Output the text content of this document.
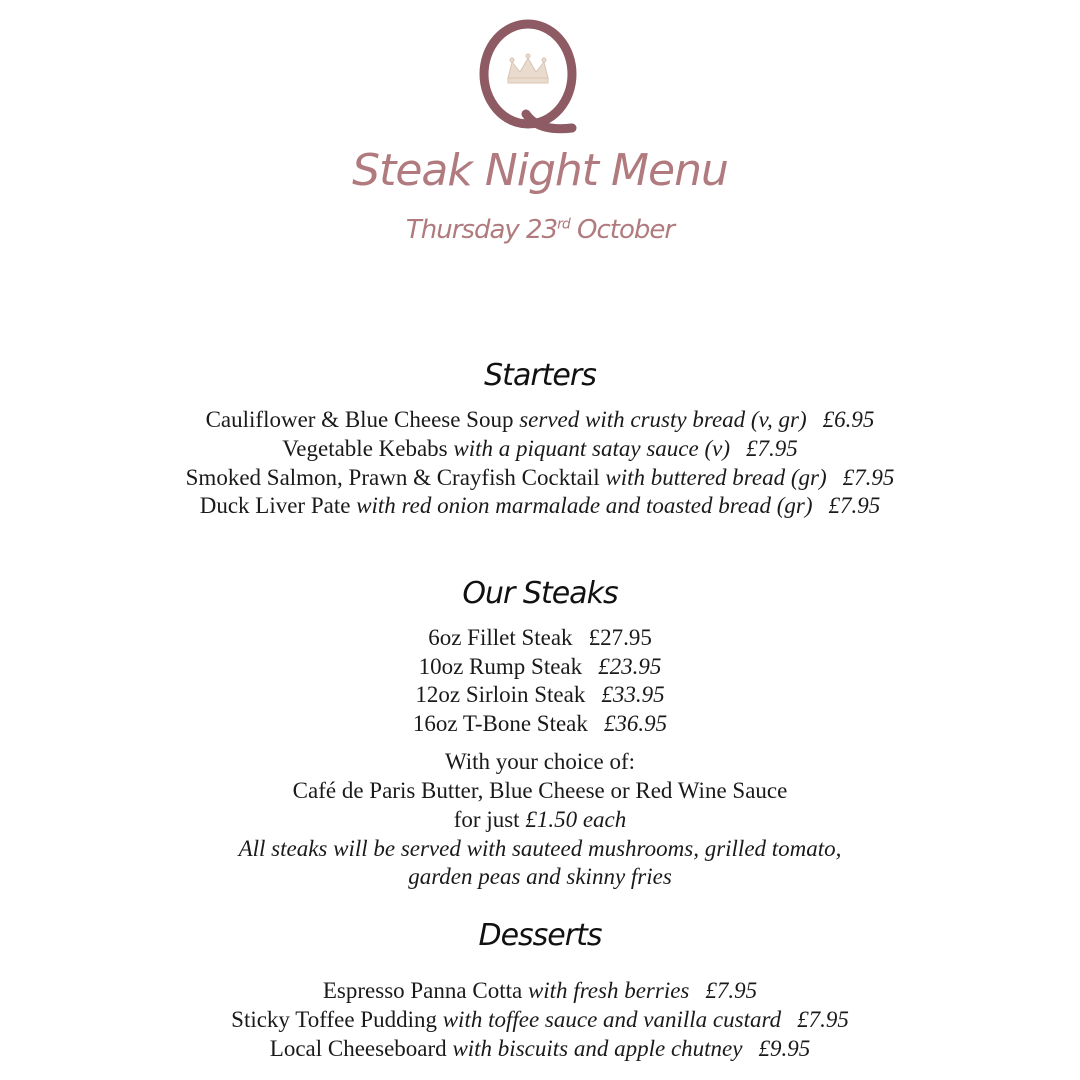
Steak Night Menu
Thursday 23rd October
Starters
Cauliflower & Blue Cheese Soup served with crusty bread (v, gr) £6.95
Vegetable Kebabs with a piquant satay sauce (v) £7.95
Smoked Salmon, Prawn & Crayfish Cocktail with buttered bread (gr) £7.95
Duck Liver Pate with red onion marmalade and toasted bread (gr) £7.95
Our Steaks
6oz Fillet Steak £27.95
10oz Rump Steak £23.95
12oz Sirloin Steak £33.95
16oz T-Bone Steak £36.95
With your choice of:
Café de Paris Butter, Blue Cheese or Red Wine Sauce
for just £1.50 each
All steaks will be served with sauteed mushrooms, grilled tomato,
garden peas and skinny fries
Desserts
Espresso Panna Cotta with fresh berries £7.95
Sticky Toffee Pudding with toffee sauce and vanilla custard £7.95
Local Cheeseboard with biscuits and apple chutney £9.95
